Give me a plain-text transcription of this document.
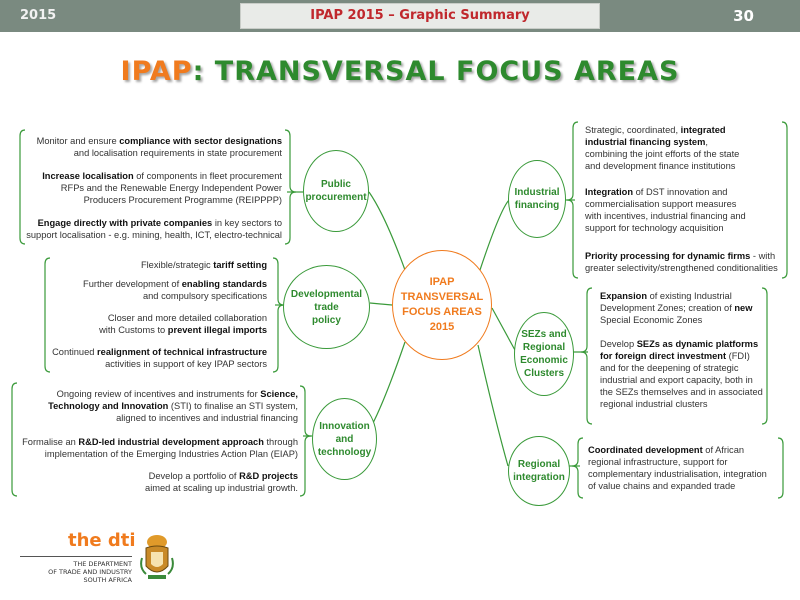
2015	IPAP 2015 – Graphic Summary	30
IPAP: TRANSVERSAL FOCUS AREAS
Public
procurement
Developmental
trade
policy
Innovation
and
technology
IPAP
TRANSVERSAL
FOCUS AREAS
2015
Industrial
financing
SEZs and
Regional
Economic
Clusters
Regional
integration
Monitor and ensure compliance with sector designations
and localisation requirements in state procurement
Increase localisation of components in fleet procurement
RFPs and the Renewable Energy Independent Power
Producers Procurement Programme (REIPPPP)
Engage directly with private companies in key sectors to
support localisation - e.g. mining, health, ICT, electro-technical
Flexible/strategic tariff setting
Further development of enabling standards
and compulsory specifications
Closer and more detailed collaboration
with Customs to prevent illegal imports
Continued realignment of technical infrastructure
activities in support of key IPAP sectors
Ongoing review of incentives and instruments for Science,
Technology and Innovation (STI) to finalise an STI system,
aligned to incentives and industrial financing
Formalise an R&D-led industrial development approach through
implementation of the Emerging Industries Action Plan (EIAP)
Develop a portfolio of R&D projects
aimed at scaling up industrial growth.
Strategic, coordinated, integrated
industrial financing system,
combining the joint efforts of the state
and development finance institutions
Integration of DST innovation and
commercialisation support measures
with incentives, industrial financing and
support for technology acquisition
Priority processing for dynamic firms - with
greater selectivity/strengthened conditionalities
Expansion of existing Industrial
Development Zones; creation of new
Special Economic Zones
Develop SEZs as dynamic platforms
for foreign direct investment (FDI)
and for the deepening of strategic
industrial and export capacity, both in
the SEZs themselves and in associated
regional industrial clusters
Coordinated development of African
regional infrastructure, support for
complementary industrialisation, integration
of value chains and expanded trade
the dti
THE DEPARTMENT
OF TRADE AND INDUSTRY
SOUTH AFRICA
